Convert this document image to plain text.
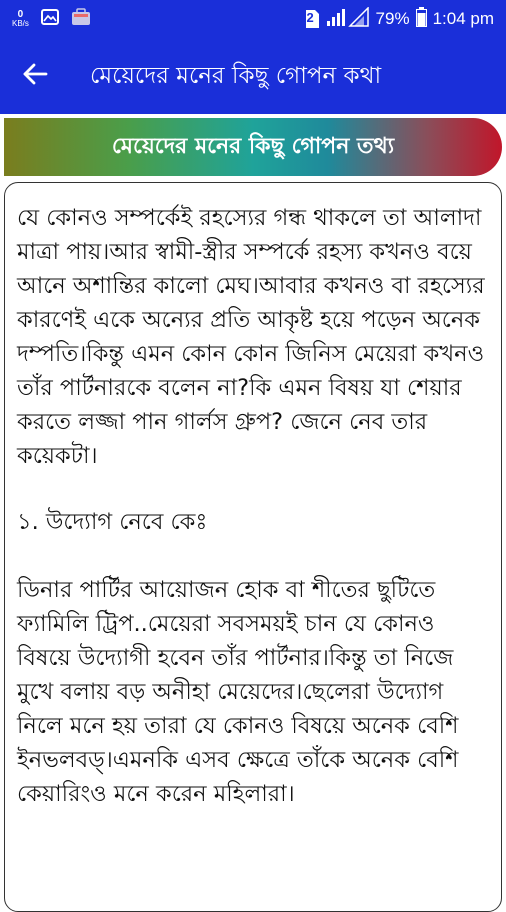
0
KB/s	2	79% 1:04 pm
মেয়েদের মনের কিছু গোপন কথা
মেয়েদের মনের কিছু গোপন তথ্য

যে কোনও সম্পর্কেই রহস্যের গন্ধ থাকলে তা আলাদা মাত্রা পায়।আর স্বামী-স্ত্রীর সম্পর্কে রহস্য কখনও বয়ে আনে অশান্তির কালো মেঘ।আবার কখনও বা রহস্যের কারণেই একে অন্যের প্রতি আকৃষ্ট হয়ে পড়েন অনেক দম্পতি।কিন্তু এমন কোন কোন জিনিস মেয়েরা কখনও তাঁর পার্টনারকে বলেন না?কি এমন বিষয় যা শেয়ার করতে লজ্জা পান গার্লস গ্রুপ? জেনে নেব তার কয়েকটা।

১. উদ্যোগ নেবে কেঃ

ডিনার পার্টির আয়োজন হোক বা শীতের ছুটিতে ফ্যামিলি ট্রিপ..মেয়েরা সবসময়ই চান যে কোনও বিষয়ে উদ্যোগী হবেন তাঁর পার্টনার।কিন্তু তা নিজে মুখে বলায় বড় অনীহা মেয়েদের।ছেলেরা উদ্যোগ নিলে মনে হয় তারা যে কোনও বিষয়ে অনেক বেশি ইনভলবড্।এমনকি এসব ক্ষেত্রে তাঁকে অনেক বেশি কেয়ারিংও মনে করেন মহিলারা।
